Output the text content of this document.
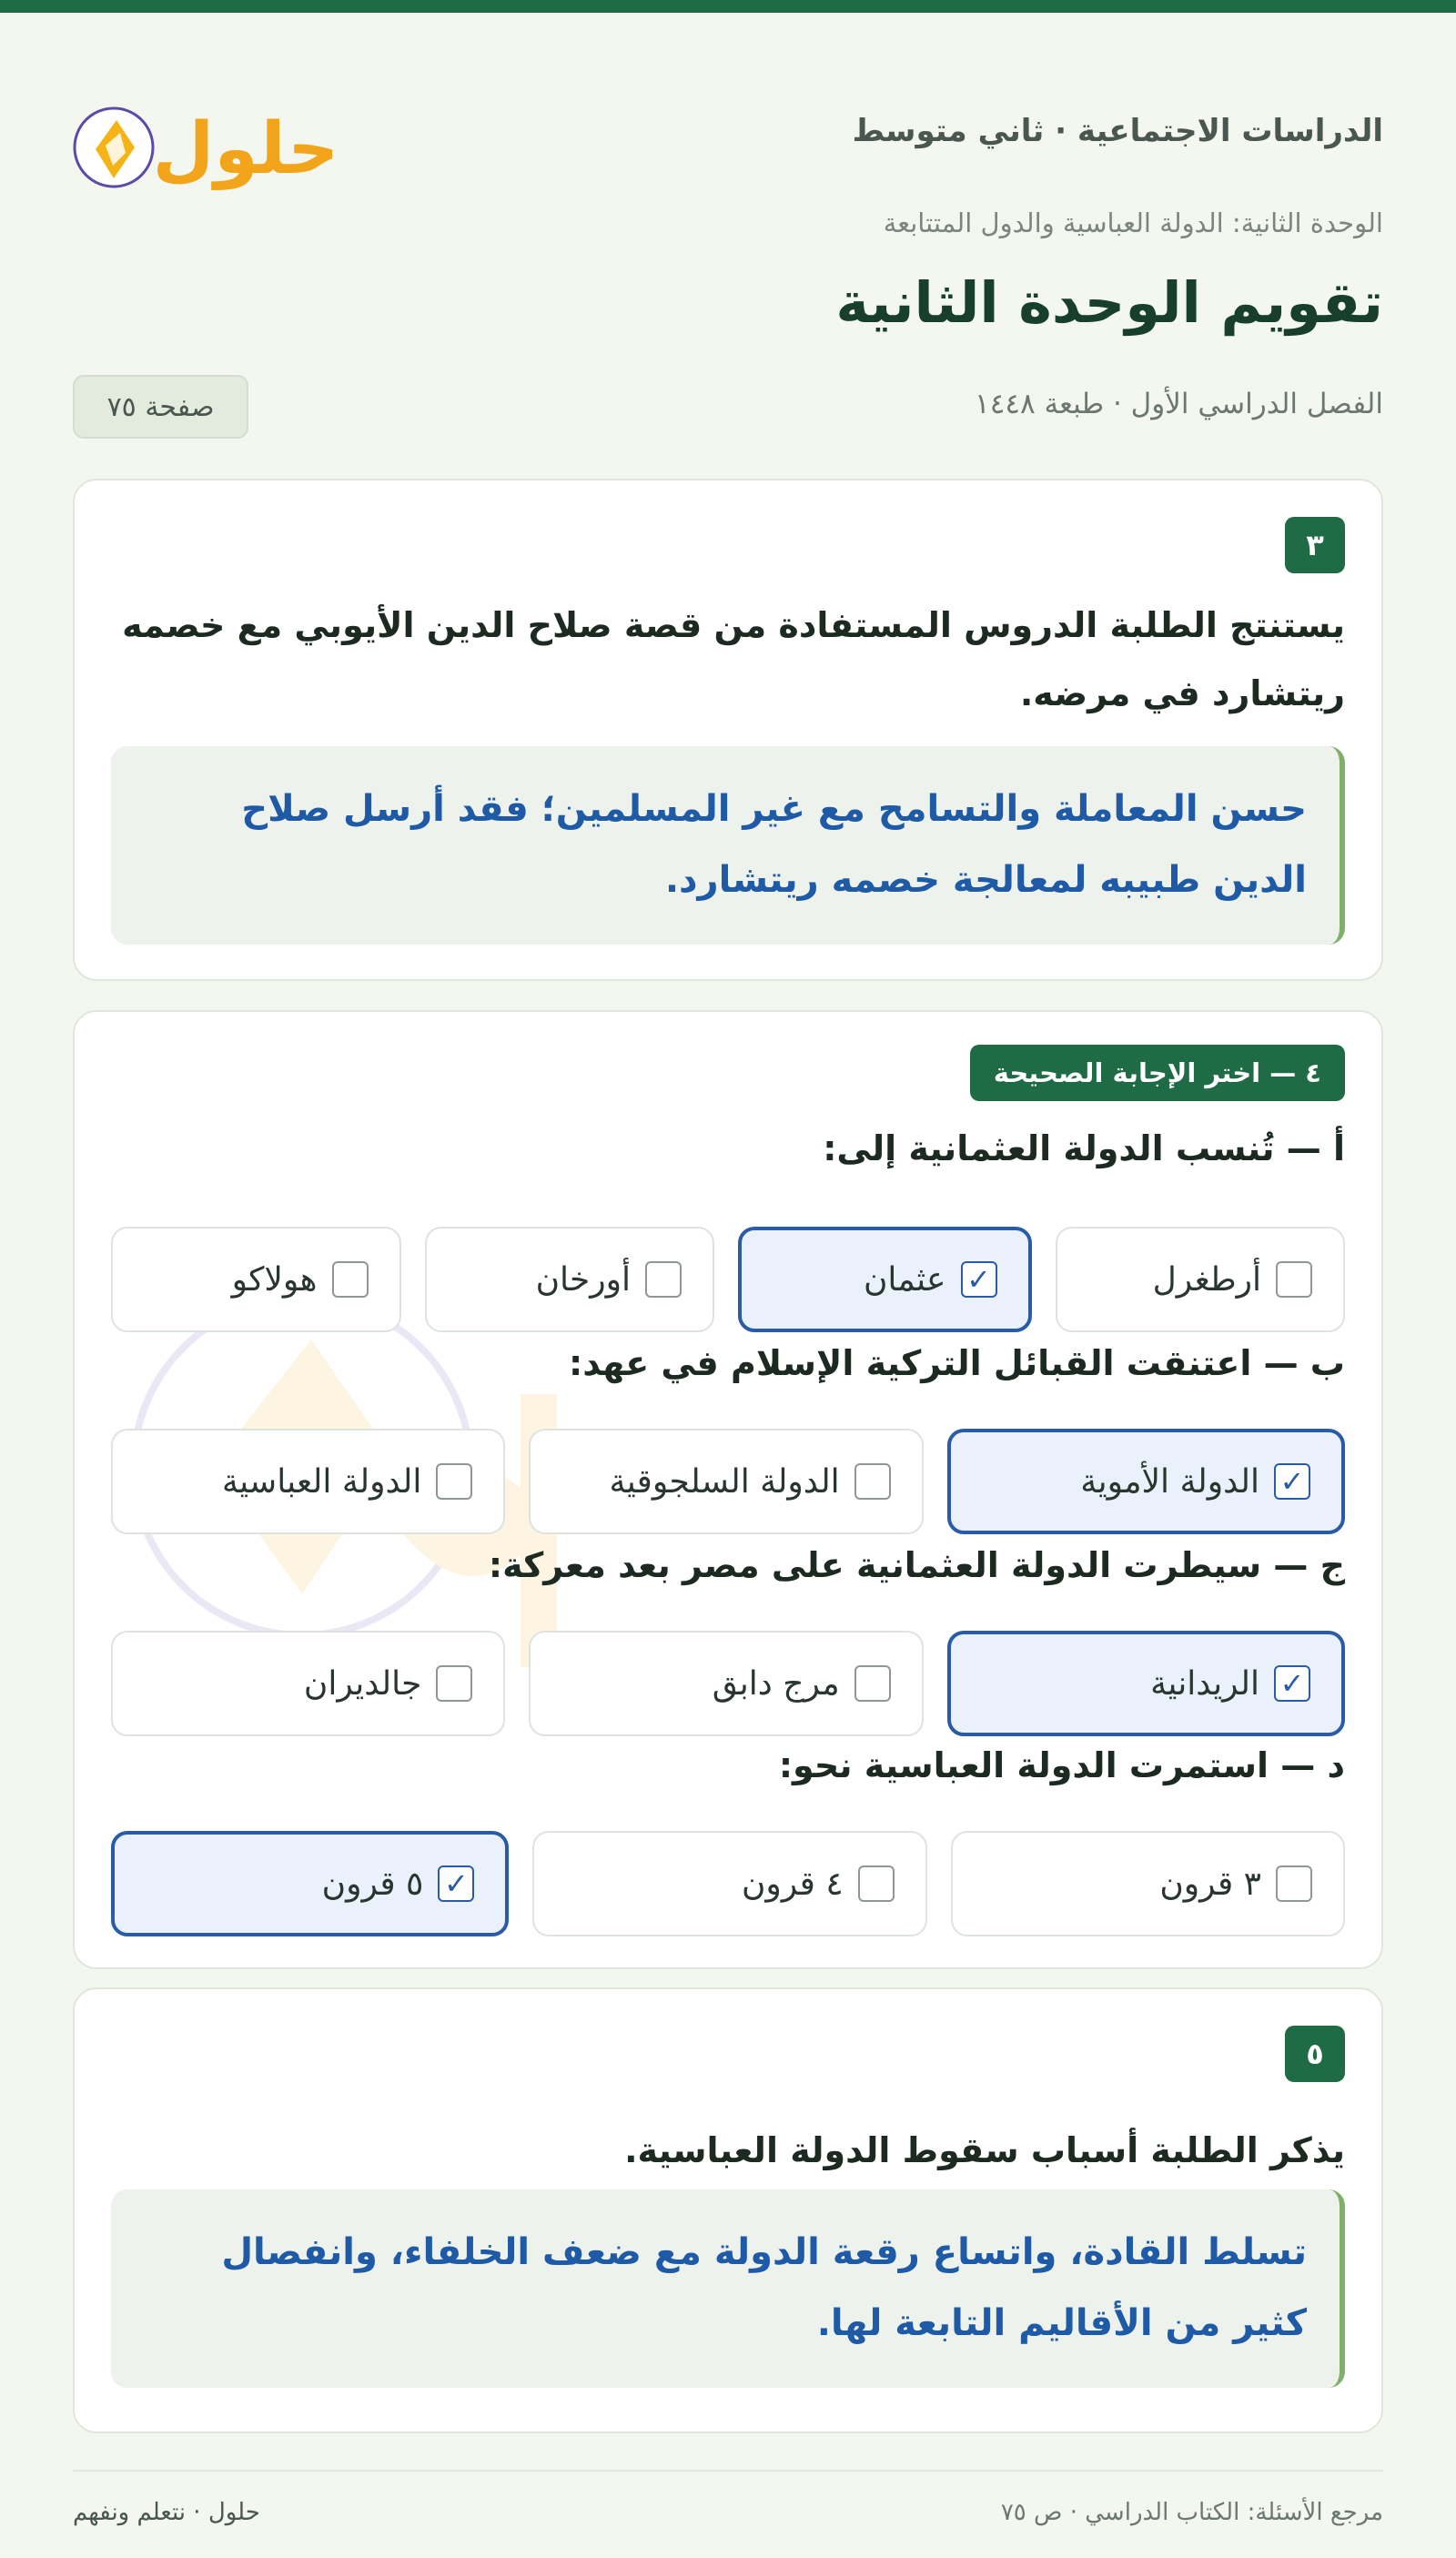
الدراسات الاجتماعية · ثاني متوسط
حلول
الوحدة الثانية: الدولة العباسية والدول المتتابعة
تقويم الوحدة الثانية
الفصل الدراسي الأول · طبعة ١٤٤٨
صفحة ٧٥
٣
يستنتج الطلبة الدروس المستفادة من قصة صلاح الدين الأيوبي مع خصمه ريتشارد في مرضه.
حسن المعاملة والتسامح مع غير المسلمين؛ فقد أرسل صلاح الدين طبيبه لمعالجة خصمه ريتشارد.
٤ — اختر الإجابة الصحيحة
أ — تُنسب الدولة العثمانية إلى:
أرطغرل
✓
عثمان
أورخان
هولاكو
ب — اعتنقت القبائل التركية الإسلام في عهد:
✓
الدولة الأموية
الدولة السلجوقية
الدولة العباسية
ج — سيطرت الدولة العثمانية على مصر بعد معركة:
✓
الريدانية
مرج دابق
جالديران
د — استمرت الدولة العباسية نحو:
٣ قرون
٤ قرون
✓
٥ قرون
٥
يذكر الطلبة أسباب سقوط الدولة العباسية.
تسلط القادة، واتساع رقعة الدولة مع ضعف الخلفاء، وانفصال كثير من الأقاليم التابعة لها.
مرجع الأسئلة: الكتاب الدراسي · ص ٧٥
حلول · نتعلم ونفهم
